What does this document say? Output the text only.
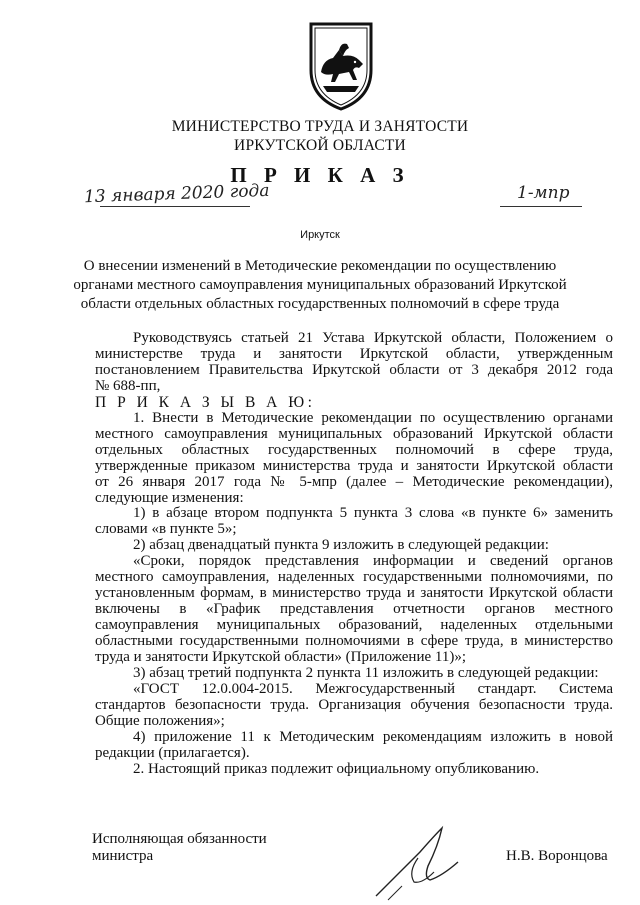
МИНИСТЕРСТВО ТРУДА И ЗАНЯТОСТИ
ИРКУТСКОЙ ОБЛАСТИ
П Р И К А З
13 января 2020 года	1-мпр
Иркутск
О внесении изменений в Методические рекомендации по осуществлению
органами местного самоуправления муниципальных образований Иркутской
области отдельных областных государственных полномочий в сфере труда
Руководствуясь статьей 21 Устава Иркутской области, Положением о
министерстве труда и занятости Иркутской области, утвержденным
постановлением Правительства Иркутской области от 3 декабря 2012 года
№ 688-пп,
П Р И К А З Ы В А Ю:
1. Внести в Методические рекомендации по осуществлению органами
местного самоуправления муниципальных образований Иркутской области
отдельных областных государственных полномочий в сфере труда,
утвержденные приказом министерства труда и занятости Иркутской области
от 26 января 2017 года № 5-мпр (далее – Методические рекомендации),
следующие изменения:
1) в абзаце втором подпункта 5 пункта 3 слова «в пункте 6» заменить
словами «в пункте 5»;
2) абзац двенадцатый пункта 9 изложить в следующей редакции:
«Сроки, порядок представления информации и сведений органов
местного самоуправления, наделенных государственными полномочиями, по
установленным формам, в министерство труда и занятости Иркутской области
включены в «График представления отчетности органов местного
самоуправления муниципальных образований, наделенных отдельными
областными государственными полномочиями в сфере труда, в министерство
труда и занятости Иркутской области» (Приложение 11)»;
3) абзац третий подпункта 2 пункта 11 изложить в следующей редакции:
«ГОСТ 12.0.004-2015. Межгосударственный стандарт. Система
стандартов безопасности труда. Организация обучения безопасности труда.
Общие положения»;
4) приложение 11 к Методическим рекомендациям изложить в новой
редакции (прилагается).
2. Настоящий приказ подлежит официальному опубликованию.
Исполняющая обязанности
министра	Н.В. Воронцова
